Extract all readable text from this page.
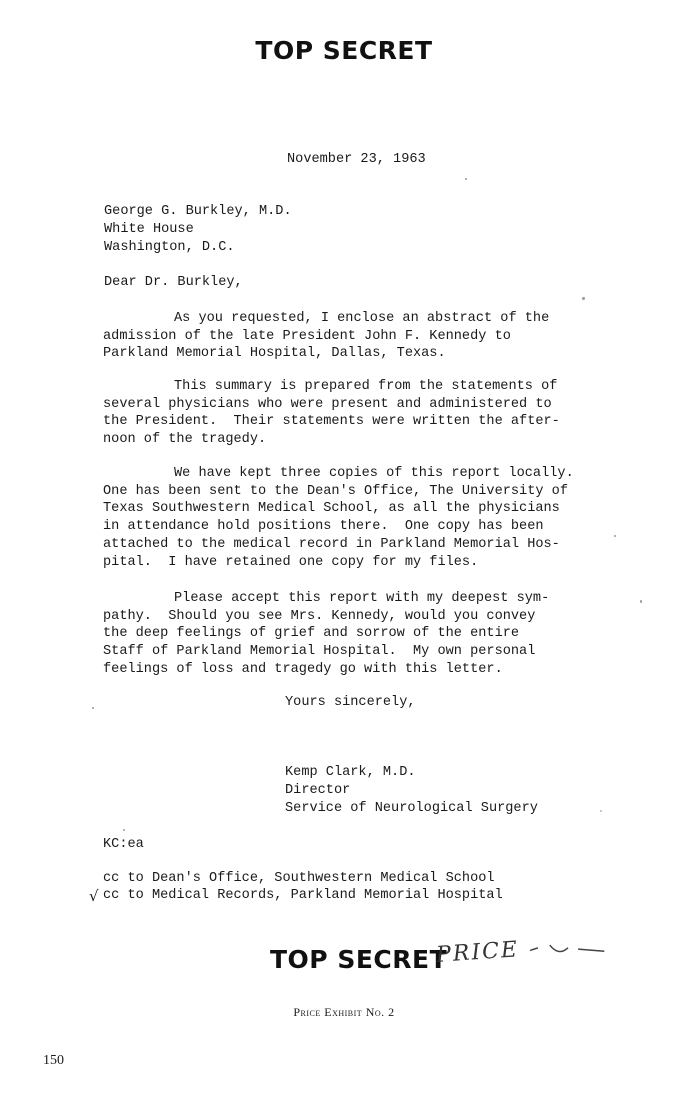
TOP SECRET
November 23, 1963
George G. Burkley, M.D.
White House
Washington, D.C.
Dear Dr. Burkley,
As you requested, I enclose an abstract of the
admission of the late President John F. Kennedy to
Parkland Memorial Hospital, Dallas, Texas.
This summary is prepared from the statements of
several physicians who were present and administered to
the President.  Their statements were written the after-
noon of the tragedy.
We have kept three copies of this report locally.
One has been sent to the Dean's Office, The University of
Texas Southwestern Medical School, as all the physicians
in attendance hold positions there.  One copy has been
attached to the medical record in Parkland Memorial Hos-
pital.  I have retained one copy for my files.
Please accept this report with my deepest sym-
pathy.  Should you see Mrs. Kennedy, would you convey
the deep feelings of grief and sorrow of the entire
Staff of Parkland Memorial Hospital.  My own personal
feelings of loss and tragedy go with this letter.
Yours sincerely,
Kemp Clark, M.D.
Director
Service of Neurological Surgery
KC:ea
cc to Dean's Office, Southwestern Medical School
cc to Medical Records, Parkland Memorial Hospital
√
TOP SECRET
PRICE
Price Exhibit No. 2
150
